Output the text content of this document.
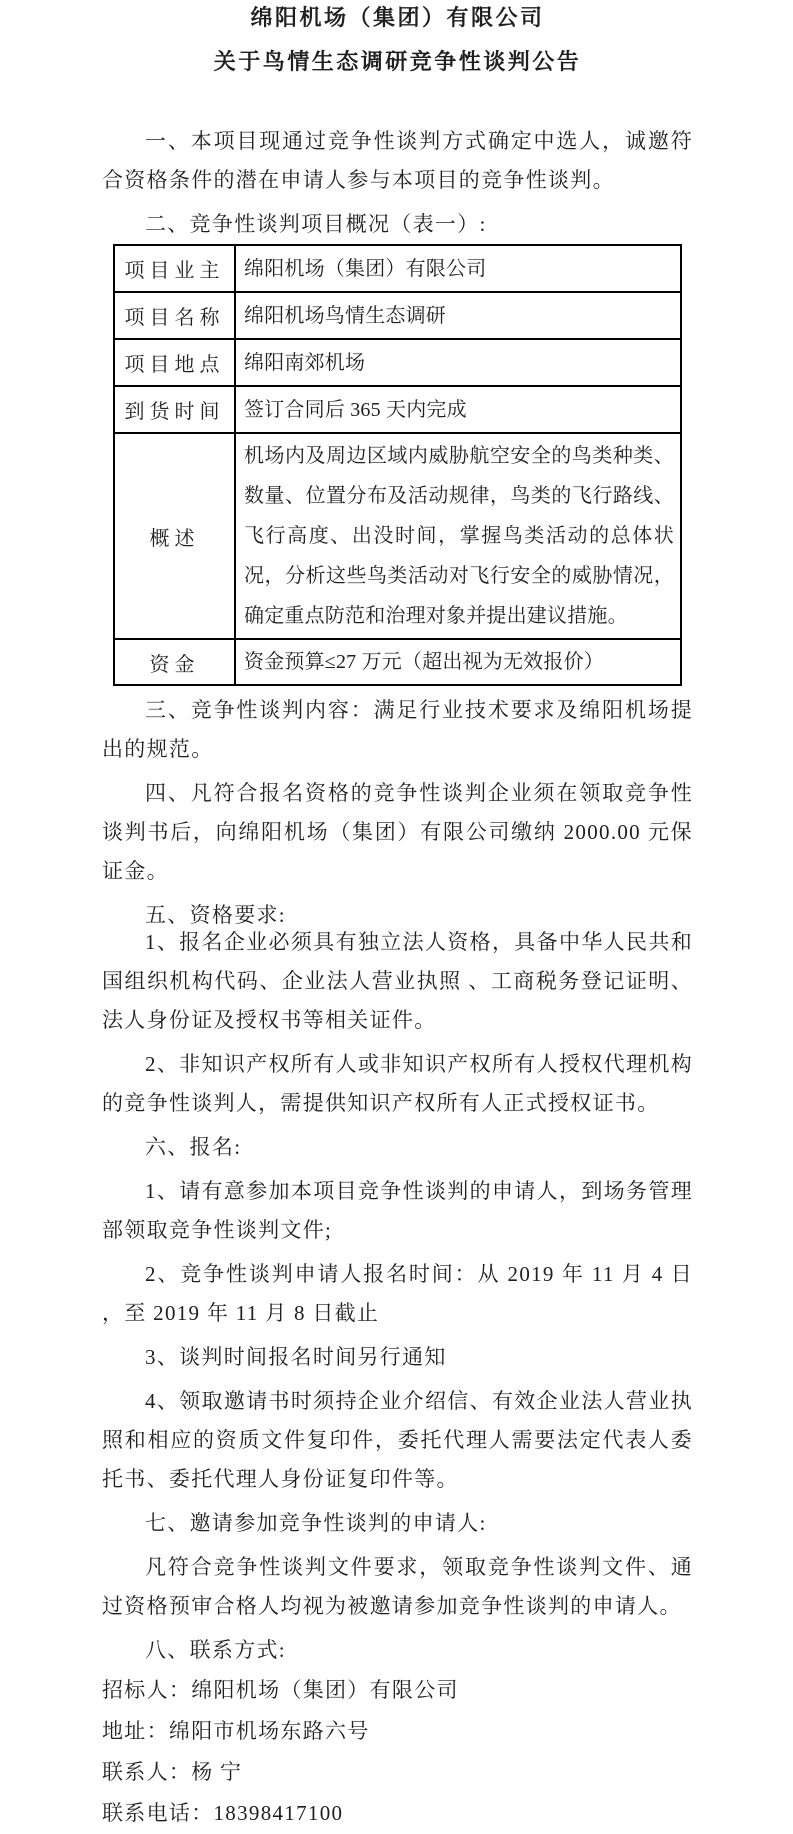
绵阳机场（集团）有限公司
关于鸟情生态调研竞争性谈判公告

一、本项目现通过竞争性谈判方式确定中选人，诚邀符合资格条件的潜在申请人参与本项目的竞争性谈判。

二、竞争性谈判项目概况（表一）:

项目业主	绵阳机场（集团）有限公司
项目名称	绵阳机场鸟情生态调研
项目地点	绵阳南郊机场
到货时间	签订合同后 365 天内完成
概述	机场内及周边区域内威胁航空安全的鸟类种类、数量、位置分布及活动规律，鸟类的飞行路线、飞行高度、出没时间，掌握鸟类活动的总体状况，分析这些鸟类活动对飞行安全的威胁情况，确定重点防范和治理对象并提出建议措施。
资金	资金预算≤27 万元（超出视为无效报价）

三、竞争性谈判内容：满足行业技术要求及绵阳机场提出的规范。

四、凡符合报名资格的竞争性谈判企业须在领取竞争性谈判书后，向绵阳机场（集团）有限公司缴纳 2000.00 元保证金。

五、资格要求:

1、报名企业必须具有独立法人资格，具备中华人民共和国组织机构代码、企业法人营业执照 、工商税务登记证明、法人身份证及授权书等相关证件。

2、非知识产权所有人或非知识产权所有人授权代理机构的竞争性谈判人，需提供知识产权所有人正式授权证书。

六、报名:

1、请有意参加本项目竞争性谈判的申请人，到场务管理部领取竞争性谈判文件;

2、竞争性谈判申请人报名时间：从 2019 年 11 月 4 日 ，至 2019 年 11 月 8 日截止

3、谈判时间报名时间另行通知

4、领取邀请书时须持企业介绍信、有效企业法人营业执照和相应的资质文件复印件，委托代理人需要法定代表人委托书、委托代理人身份证复印件等。

七、邀请参加竞争性谈判的申请人:

凡符合竞争性谈判文件要求，领取竞争性谈判文件、通过资格预审合格人均视为被邀请参加竞争性谈判的申请人。

八、联系方式:

招标人：绵阳机场（集团）有限公司

地址：绵阳市机场东路六号

联系人：杨 宁

联系电话：18398417100
